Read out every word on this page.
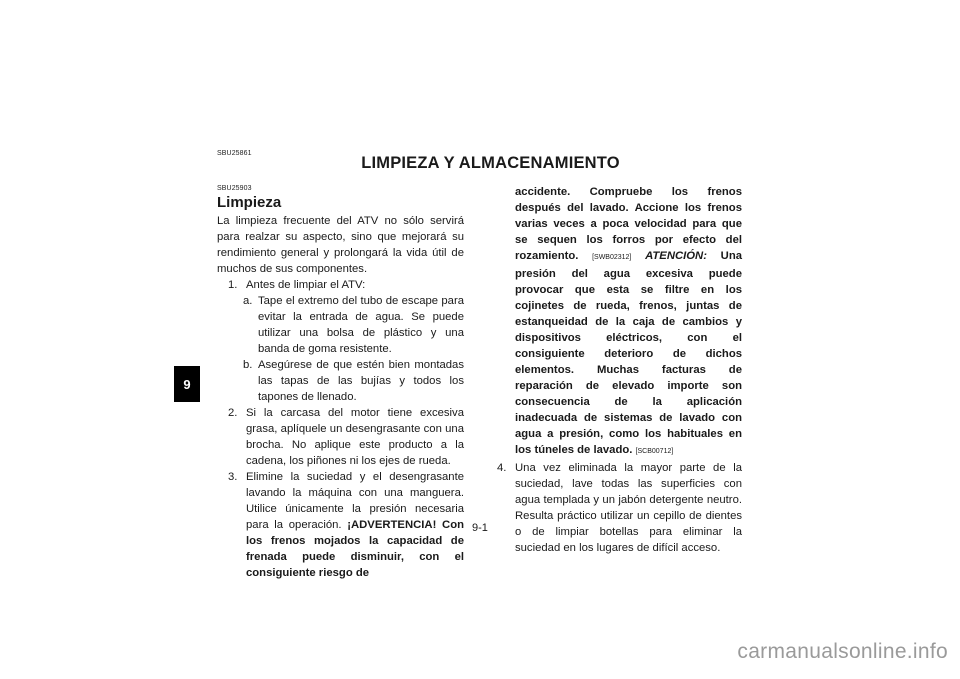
SBU25861
LIMPIEZA Y ALMACENAMIENTO
SBU25903
Limpieza

La limpieza frecuente del ATV no sólo servirá para realzar su aspecto, sino que mejorará su rendimiento general y prolongará la vida útil de muchos de sus componentes.

1. Antes de limpiar el ATV:
a. Tape el extremo del tubo de escape para evitar la entrada de agua. Se puede utilizar una bolsa de plástico y una banda de goma resistente.
b. Asegúrese de que estén bien montadas las tapas de las bujías y todos los tapones de llenado.
2. Si la carcasa del motor tiene excesiva grasa, aplíquele un desengrasante con una brocha. No aplique este producto a la cadena, los piñones ni los ejes de rueda.
3. Elimine la suciedad y el desengrasante lavando la máquina con una manguera. Utilice únicamente la presión necesaria para la operación. ¡ADVERTENCIA! Con los frenos mojados la capacidad de frenada puede disminuir, con el consiguiente riesgo de
accidente. Compruebe los frenos después del lavado. Accione los frenos varias veces a poca velocidad para que se sequen los forros por efecto del rozamiento. [SWB02312] ATENCIÓN: Una presión del agua excesiva puede provocar que esta se filtre en los cojinetes de rueda, frenos, juntas de estanqueidad de la caja de cambios y dispositivos eléctricos, con el consiguiente deterioro de dichos elementos. Muchas facturas de reparación de elevado importe son consecuencia de la aplicación inadecuada de sistemas de lavado con agua a presión, como los habituales en los túneles de lavado. [SCB00712]
4. Una vez eliminada la mayor parte de la suciedad, lave todas las superficies con agua templada y un jabón detergente neutro. Resulta práctico utilizar un cepillo de dientes o de limpiar botellas para eliminar la suciedad en los lugares de difícil acceso.
9
9-1
carmanualsonline.info
